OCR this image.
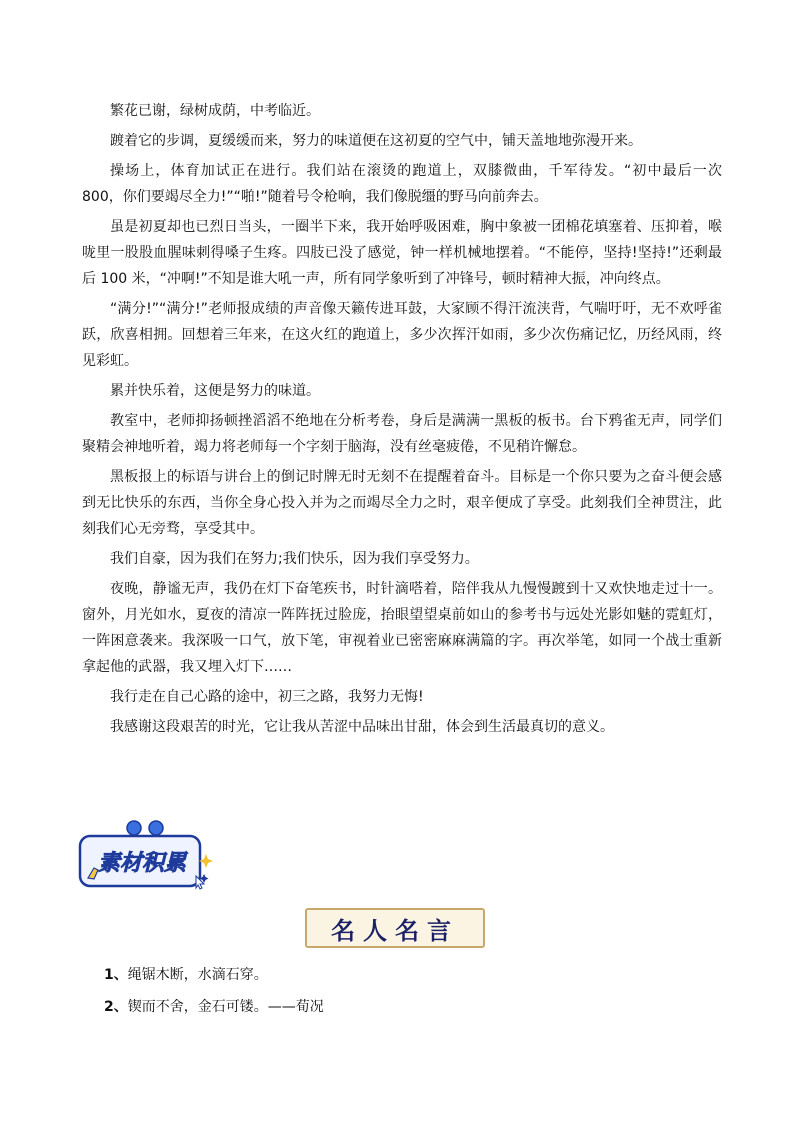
繁花已谢，绿树成荫，中考临近。

踱着它的步调，夏缓缓而来，努力的味道便在这初夏的空气中，铺天盖地地弥漫开来。

操场上，体育加试正在进行。我们站在滚烫的跑道上，双膝微曲，千军待发。“初中最后一次 800，你们要竭尽全力!”“啪!”随着号令枪响，我们像脱缰的野马向前奔去。

虽是初夏却也已烈日当头，一圈半下来，我开始呼吸困难，胸中象被一团棉花填塞着、压抑着，喉咙里一股股血腥味刺得嗓子生疼。四肢已没了感觉，钟一样机械地摆着。“不能停，坚持!坚持!”还剩最后 100 米，“冲啊!”不知是谁大吼一声，所有同学象听到了冲锋号，顿时精神大振，冲向终点。

“满分!”“满分!”老师报成绩的声音像天籁传进耳鼓，大家顾不得汗流浃背，气喘吁吁，无不欢呼雀跃，欣喜相拥。回想着三年来，在这火红的跑道上，多少次挥汗如雨，多少次伤痛记忆，历经风雨，终见彩虹。

累并快乐着，这便是努力的味道。

教室中，老师抑扬顿挫滔滔不绝地在分析考卷，身后是满满一黑板的板书。台下鸦雀无声，同学们聚精会神地听着，竭力将老师每一个字刻于脑海，没有丝毫疲倦，不见稍许懈怠。

黑板报上的标语与讲台上的倒记时牌无时无刻不在提醒着奋斗。目标是一个你只要为之奋斗便会感到无比快乐的东西，当你全身心投入并为之而竭尽全力之时，艰辛便成了享受。此刻我们全神贯注，此刻我们心无旁骛，享受其中。

我们自豪，因为我们在努力;我们快乐，因为我们享受努力。

夜晚，静谧无声，我仍在灯下奋笔疾书，时针滴嗒着，陪伴我从九慢慢踱到十又欢快地走过十一。窗外，月光如水，夏夜的清凉一阵阵抚过脸庞，抬眼望望桌前如山的参考书与远处光影如魅的霓虹灯，一阵困意袭来。我深吸一口气，放下笔，审视着业已密密麻麻满篇的字。再次举笔，如同一个战士重新拿起他的武器，我又埋入灯下……

我行走在自己心路的途中，初三之路，我努力无悔!

我感谢这段艰苦的时光，它让我从苦涩中品味出甘甜，体会到生活最真切的意义。

素材积累
名人名言

1、绳锯木断，水滴石穿。

2、锲而不舍，金石可镂。——荀况
